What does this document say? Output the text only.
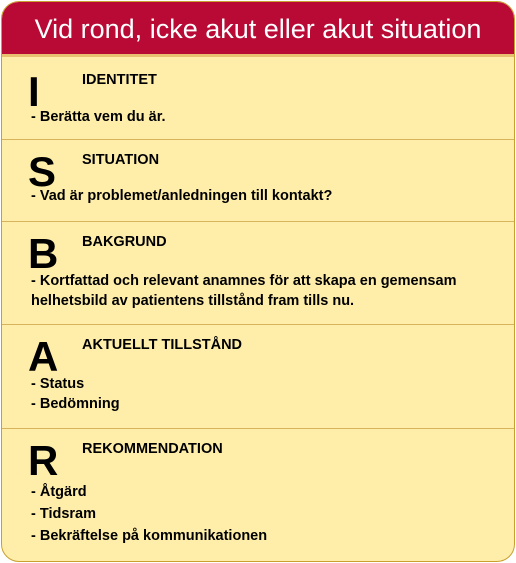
Vid rond, icke akut eller akut situation
I	IDENTITET
- Berätta vem du är.
S SITUATION
- Vad är problemet/anledningen till kontakt?
B BAKGRUND
- Kortfattad och relevant anamnes för att skapa en gemensam
helhetsbild av patientens tillstånd fram tills nu.
A AKTUELLT TILLSTÅND
- Status
- Bedömning
R REKOMMENDATION
- Åtgärd
- Tidsram
- Bekräftelse på kommunikationen
